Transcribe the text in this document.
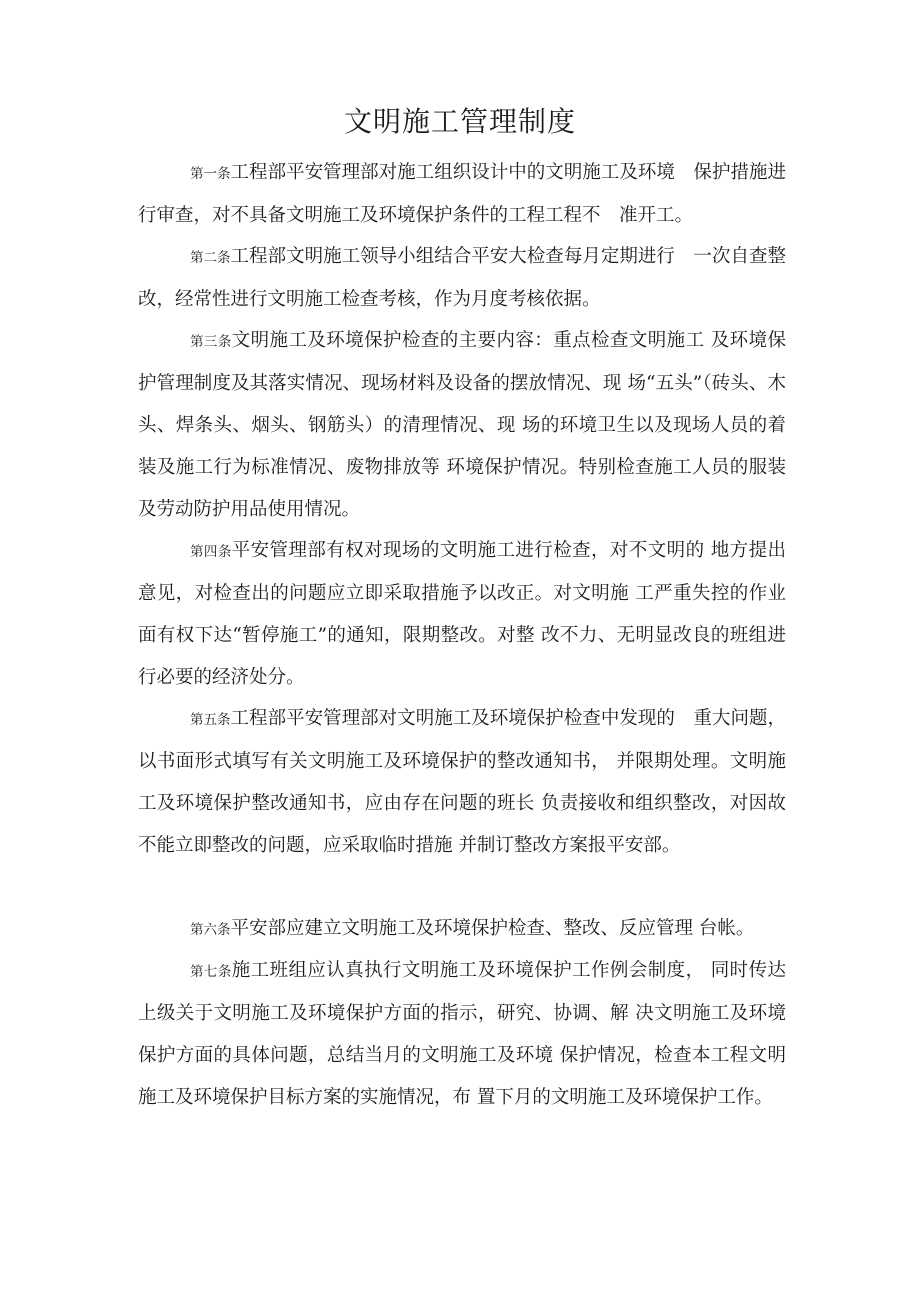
文明施工管理制度

第一条工程部平安管理部对施工组织设计中的文明施工及环境　保护措施进行审查，对不具备文明施工及环境保护条件的工程工程不　准开工。

第二条工程部文明施工领导小组结合平安大检查每月定期进行　一次自查整改，经常性进行文明施工检查考核，作为月度考核依据。

第三条文明施工及环境保护检查的主要内容：重点检查文明施工 及环境保护管理制度及其落实情况、现场材料及设备的摆放情况、现 场“五头”（砖头、木头、焊条头、烟头、钢筋头）的清理情况、现 场的环境卫生以及现场人员的着装及施工行为标准情况、废物排放等 环境保护情况。特别检查施工人员的服装及劳动防护用品使用情况。

第四条平安管理部有权对现场的文明施工进行检查，对不文明的 地方提出意见，对检查出的问题应立即采取措施予以改正。对文明施 工严重失控的作业面有权下达“暂停施工”的通知，限期整改。对整 改不力、无明显改良的班组进行必要的经济处分。

第五条工程部平安管理部对文明施工及环境保护检查中发现的　重大问题，以书面形式填写有关文明施工及环境保护的整改通知书， 并限期处理。文明施工及环境保护整改通知书，应由存在问题的班长 负责接收和组织整改，对因故不能立即整改的问题，应采取临时措施 并制订整改方案报平安部。

第六条平安部应建立文明施工及环境保护检查、整改、反应管理 台帐。

第七条施工班组应认真执行文明施工及环境保护工作例会制度， 同时传达上级关于文明施工及环境保护方面的指示，研究、协调、解 决文明施工及环境保护方面的具体问题，总结当月的文明施工及环境 保护情况，检查本工程文明施工及环境保护目标方案的实施情况，布 置下月的文明施工及环境保护工作。
